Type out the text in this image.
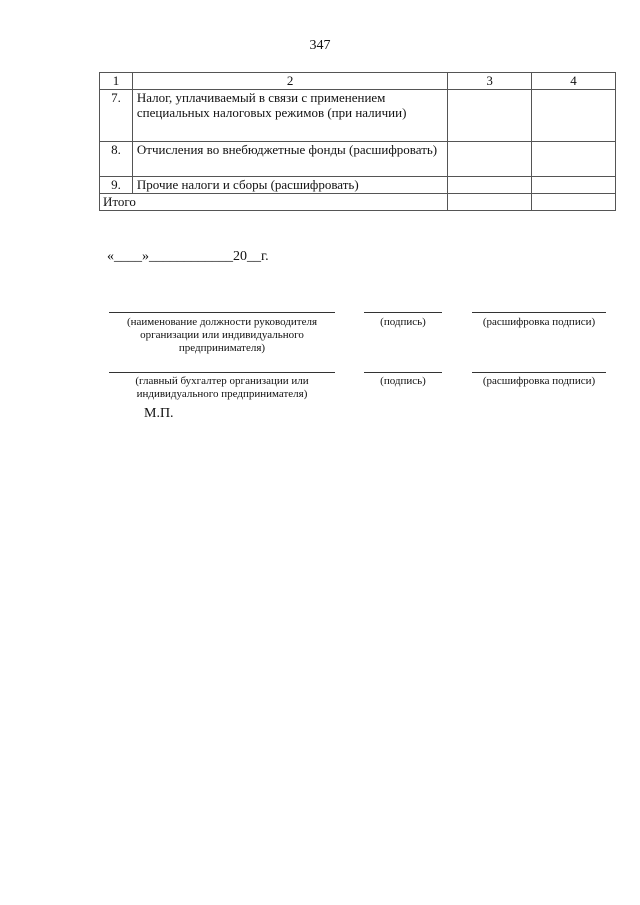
347
1	2	3	4
7.	Налог, уплачиваемый в связи с применением специальных налоговых режимов (при наличии)		
8.	Отчисления во внебюджетные фонды (расшифровать)		
9.	Прочие налоги и сборы (расшифровать)		
Итого			
«____»____________20__г.
(наименование должности руководителя организации или индивидуального предпринимателя)
(подпись)	(расшифровка подписи)
(главный бухгалтер организации или индивидуального предпринимателя)
(подпись)	(расшифровка подписи)
М.П.
